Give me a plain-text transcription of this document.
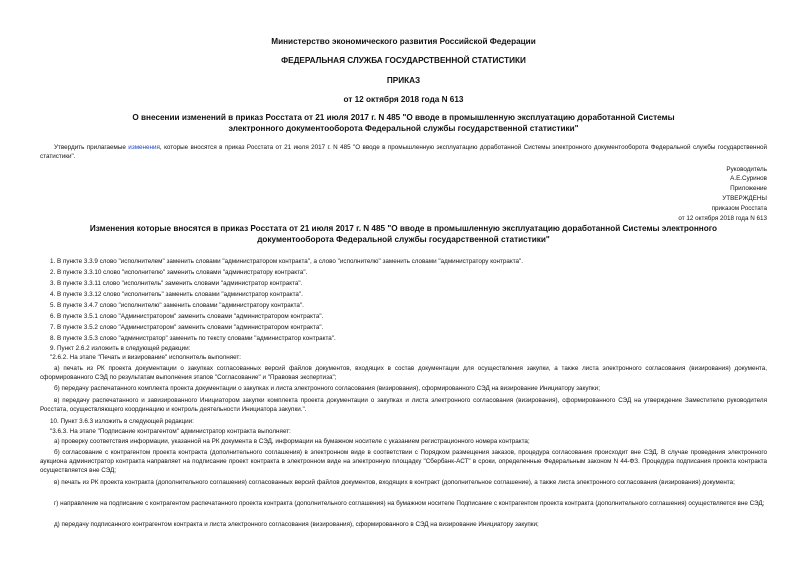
Министерство экономического развития Российской Федерации
ФЕДЕРАЛЬНАЯ СЛУЖБА ГОСУДАРСТВЕННОЙ СТАТИСТИКИ
ПРИКАЗ
от 12 октября 2018 года N 613
О внесении изменений в приказ Росстата от 21 июля 2017 г. N 485 "О вводе в промышленную эксплуатацию доработанной Системы электронного документооборота Федеральной службы государственной статистики"
Утвердить прилагаемые изменения, которые вносятся в приказ Росстата от 21 июля 2017 г. N 485 "О вводе в промышленную эксплуатацию доработанной Системы электронного документооборота Федеральной службы государственной статистики".
Руководитель
А.Е.Суринов
Приложение
УТВЕРЖДЕНЫ
приказом Росстата
от 12 октября 2018 года N 613
Изменения которые вносятся в приказ Росстата от 21 июля 2017 г. N 485 "О вводе в промышленную эксплуатацию доработанной Системы электронного документооборота Федеральной службы государственной статистики"
1. В пункте 3.3.9 слово "исполнителем" заменить словами "администратором контракта", а слово "исполнителю" заменить словами "администратору контракта".
2. В пункте 3.3.10 слово "исполнителю" заменить словами "администратору контракта".
3. В пункте 3.3.11 слово "исполнитель" заменить словами "администратор контракта".
4. В пункте 3.3.12 слово "исполнитель" заменить словами "администратор контракта".
5. В пункте 3.4.7 слово "исполнителю" заменить словами "администратору контракта".
6. В пункте 3.5.1 слово "Администратором" заменить словами "администратором контракта".
7. В пункте 3.5.2 слово "Администратором" заменить словами "администратором контракта".
8. В пункте 3.5.3 слово "администратор" заменить по тексту словами "администратор контракта".
9. Пункт 2.6.2 изложить в следующей редакции:
"2.6.2. На этапе "Печать и визирование" исполнитель выполняет:
а) печать из РК проекта документации о закупках согласованных версий файлов документов, входящих в состав документации для осуществления закупки, а также листа электронного согласования (визирования) документа, сформированного СЭД по результатам выполнения этапов "Согласование" и "Правовая экспертиза";
б) передачу распечатанного комплекта проекта документации о закупках и листа электронного согласования (визирования), сформированного СЭД на визирование Инициатору закупки;
в) передачу распечатанного и завизированного Инициатором закупки комплекта проекта документации о закупках и листа электронного согласования (визирования), сформированного СЭД на утверждение Заместителю руководителя Росстата, осуществляющего координацию и контроль деятельности Инициатора закупки.".
10. Пункт 3.6.3 изложить в следующей редакции:
"3.6.3. На этапе "Подписание контрагентом" администратор контракта выполняет:
а) проверку соответствия информации, указанной на РК документа в СЭД, информации на бумажном носителе с указанием регистрационного номера контракта;
б) согласование с контрагентом проекта контракта (дополнительного соглашения) в электронном виде в соответствии с Порядком размещения заказов, процедура согласования происходит вне СЭД. В случае проведения электронного аукциона администратор контракта направляет на подписание проект контракта в электронном виде на электронную площадку "Сбербанк-АСТ" в сроки, определенные Федеральным законом N 44-ФЗ. Процедура подписания проекта контракта осуществляется вне СЭД;
в) печать из РК проекта контракта (дополнительного соглашения) согласованных версий файлов документов, входящих в контракт (дополнительное соглашение), а также листа электронного согласования (визирования) документа;
г) направление на подписание с контрагентом распечатанного проекта контракта (дополнительного соглашения) на бумажном носителе Подписание с контрагентом проекта контракта (дополнительного соглашения) осуществляется вне СЭД;
д) передачу подписанного контрагентом контракта и листа электронного согласования (визирования), сформированного в СЭД на визирование Инициатору закупки;
